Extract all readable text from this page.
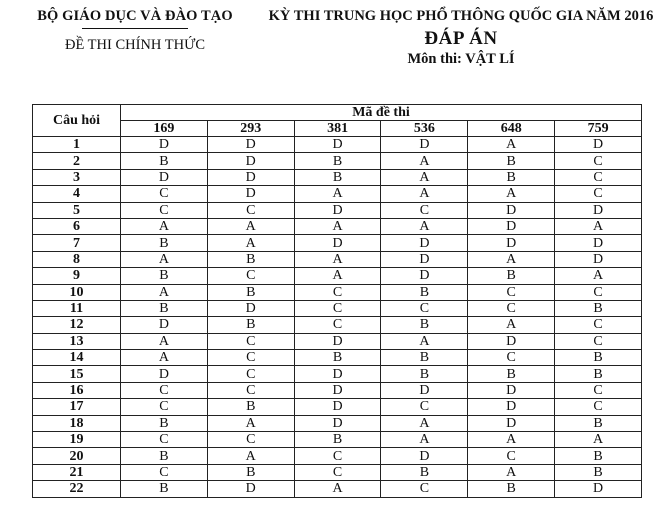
BỘ GIÁO DỤC VÀ ĐÀO TẠO
ĐỀ THI CHÍNH THỨC
KỲ THI TRUNG HỌC PHỔ THÔNG QUỐC GIA NĂM 2016
ĐÁP ÁN
Môn thi: VẬT LÍ
Câu hỏi	Mã đề thi					
	169	293	381	536	648	759
1	D	D	D	D	A	D
2	B	D	B	A	B	C
3	D	D	B	A	B	C
4	C	D	A	A	A	C
5	C	C	D	C	D	D
6	A	A	A	A	D	A
7	B	A	D	D	D	D
8	A	B	A	D	A	D
9	B	C	A	D	B	A
10	A	B	C	B	C	C
11	B	D	C	C	C	B
12	D	B	C	B	A	C
13	A	C	D	A	D	C
14	A	C	B	B	C	B
15	D	C	D	B	B	B
16	C	C	D	D	D	C
17	C	B	D	C	D	C
18	B	A	D	A	D	B
19	C	C	B	A	A	A
20	B	A	C	D	C	B
21	C	B	C	B	A	B
22	B	D	A	C	B	D
